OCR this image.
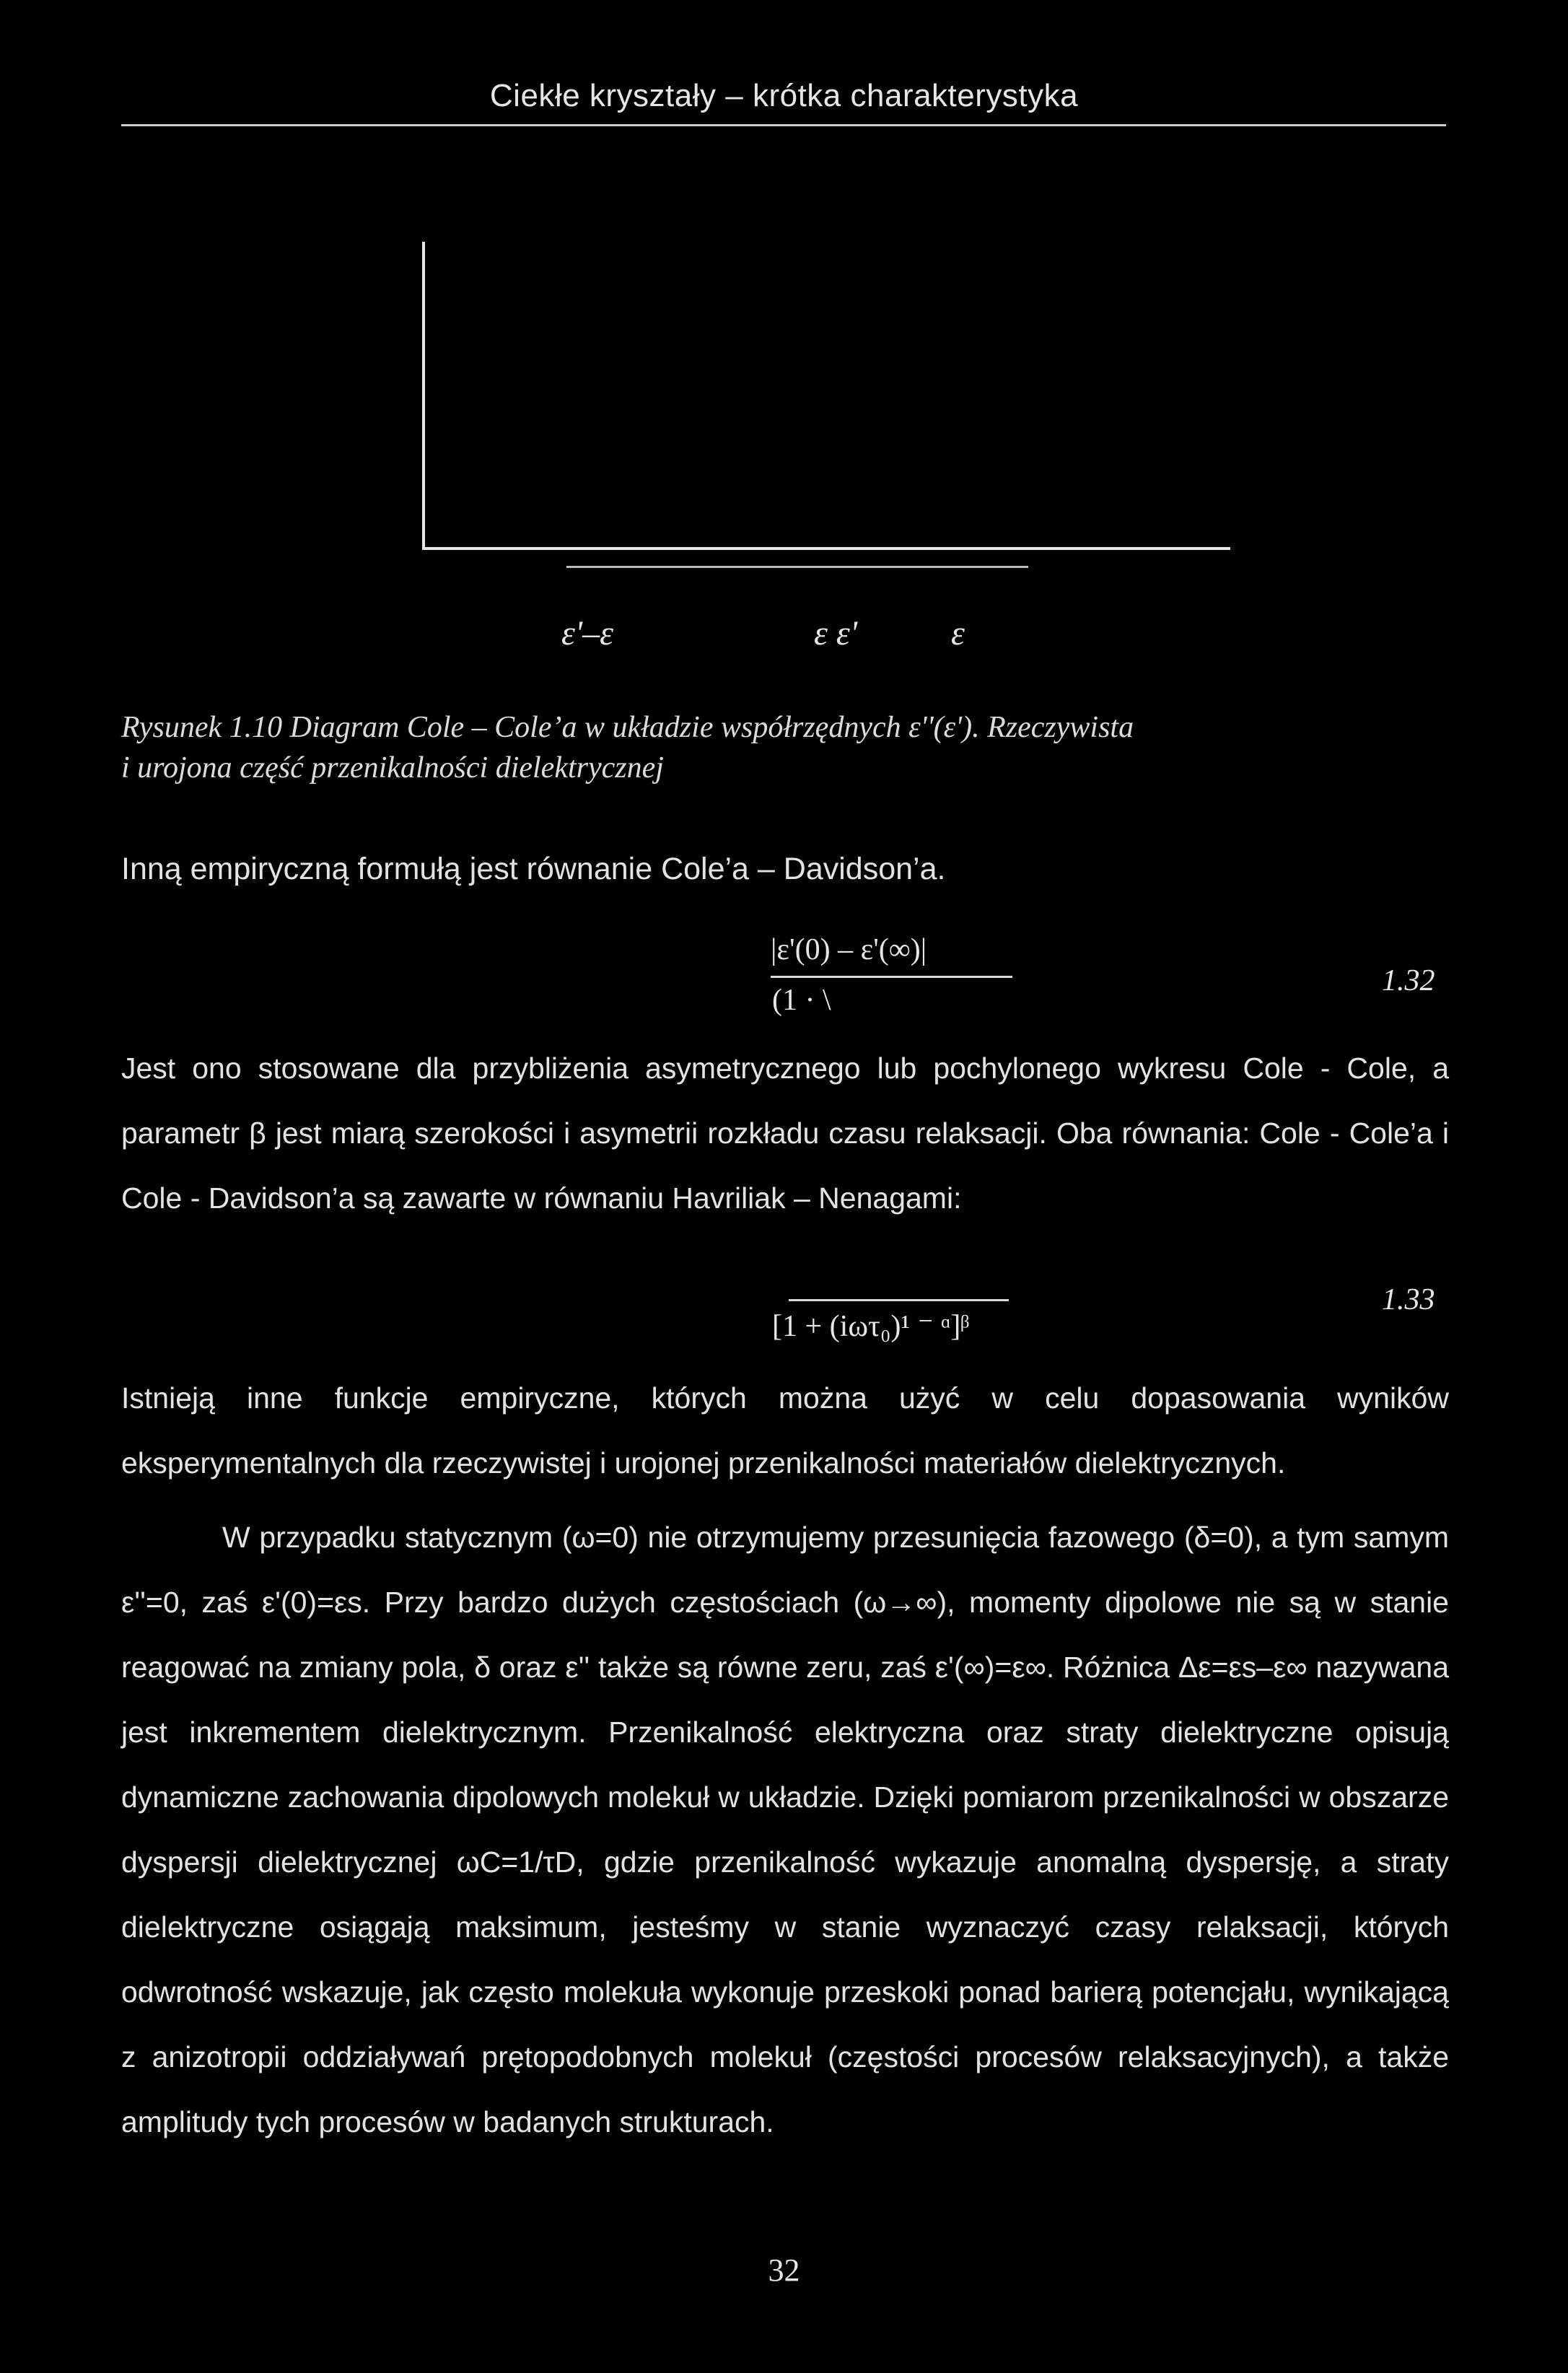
Ciekłe kryształy – krótka charakterystyka
ε'–ε	ε ε'	ε
Rysunek 1.10 Diagram Cole – Cole’a w układzie współrzędnych ε''(ε'). Rzeczywista
i urojona część przenikalności dielektrycznej
Inną empiryczną formułą jest równanie Cole’a – Davidson’a.
|ε'(0) – ε'(∞)|
(1 · \
1.32
Jest ono stosowane dla przybliżenia asymetrycznego lub pochylonego wykresu Cole - Cole, a parametr β jest miarą szerokości i asymetrii rozkładu czasu relaksacji. Oba równania: Cole - Cole’a i Cole - Davidson’a są zawarte w równaniu Havriliak – Nenagami:
[1 + (iωτ₀)¹ ⁻ ᵅ]ᵝ
1.33
Istnieją inne funkcje empiryczne, których można użyć w celu dopasowania wyników eksperymentalnych dla rzeczywistej i urojonej przenikalności materiałów dielektrycznych.
W przypadku statycznym (ω=0) nie otrzymujemy przesunięcia fazowego (δ=0), a tym samym ε''=0, zaś ε'(0)=εs. Przy bardzo dużych częstościach (ω→∞), momenty dipolowe nie są w stanie reagować na zmiany pola, δ oraz ε'' także są równe zeru, zaś ε'(∞)=ε∞. Różnica Δε=εs–ε∞ nazywana jest inkrementem dielektrycznym. Przenikalność elektryczna oraz straty dielektryczne opisują dynamiczne zachowania dipolowych molekuł w układzie. Dzięki pomiarom przenikalności w obszarze dyspersji dielektrycznej ωC=1/τD, gdzie przenikalność wykazuje anomalną dyspersję, a straty dielektryczne osiągają maksimum, jesteśmy w stanie wyznaczyć czasy relaksacji, których odwrotność wskazuje, jak często molekuła wykonuje przeskoki ponad barierą potencjału, wynikającą z anizotropii oddziaływań prętopodobnych molekuł (częstości procesów relaksacyjnych), a także amplitudy tych procesów w badanych strukturach.
32
